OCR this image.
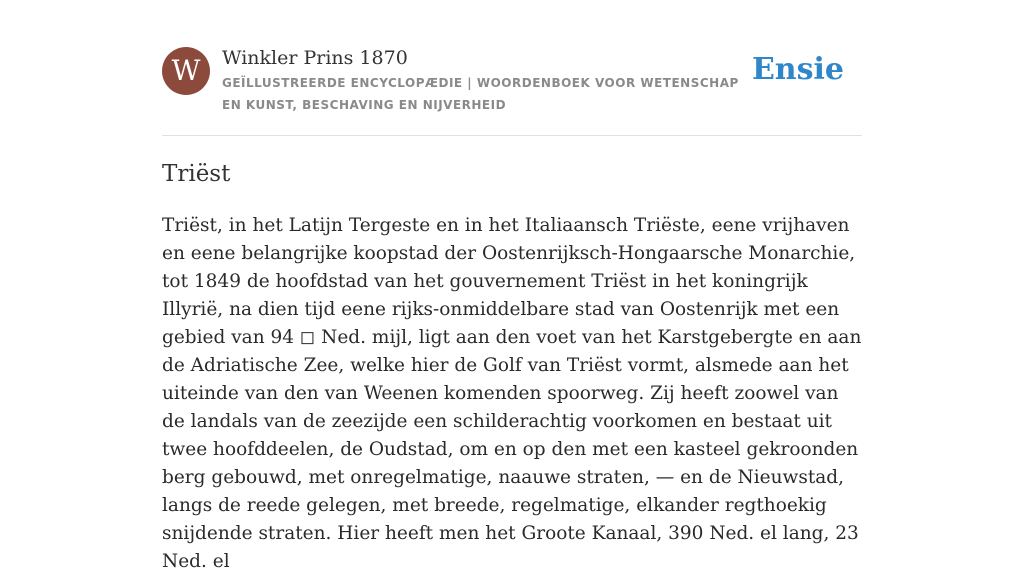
W	Winkler Prins 1870

GEÏLLUSTREERDE ENCYCLOPÆDIE | WOORDENBOEK VOOR WETENSCHAP EN KUNST, BESCHAVING EN NIJVERHEID
Ensie
Triëst

Triëst, in het Latijn Tergeste en in het Italiaansch Triëste, eene vrijhaven en eene belangrijke koopstad der Oostenrijksch-Hongaarsche Monarchie, tot 1849 de hoofdstad van het gouvernement Triëst in het koningrijk Illyrië, na dien tijd eene rijks-onmiddelbare stad van Oostenrijk met een gebied van 94 ◻ Ned. mijl, ligt aan den voet van het Karstgebergte en aan de Adriatische Zee, welke hier de Golf van Triëst vormt, alsmede aan het uiteinde van den van Weenen komenden spoorweg. Zij heeft zoowel van de landals van de zeezijde een schilderachtig voorkomen en bestaat uit twee hoofddeelen, de Oudstad, om en op den met een kasteel gekroonden berg gebouwd, met onregelmatige, naauwe straten, — en de Nieuwstad, langs de reede gelegen, met breede, regelmatige, elkander regthoekig snijdende straten. Hier heeft men het Groote Kanaal, 390 Ned. el lang, 23 Ned. el
